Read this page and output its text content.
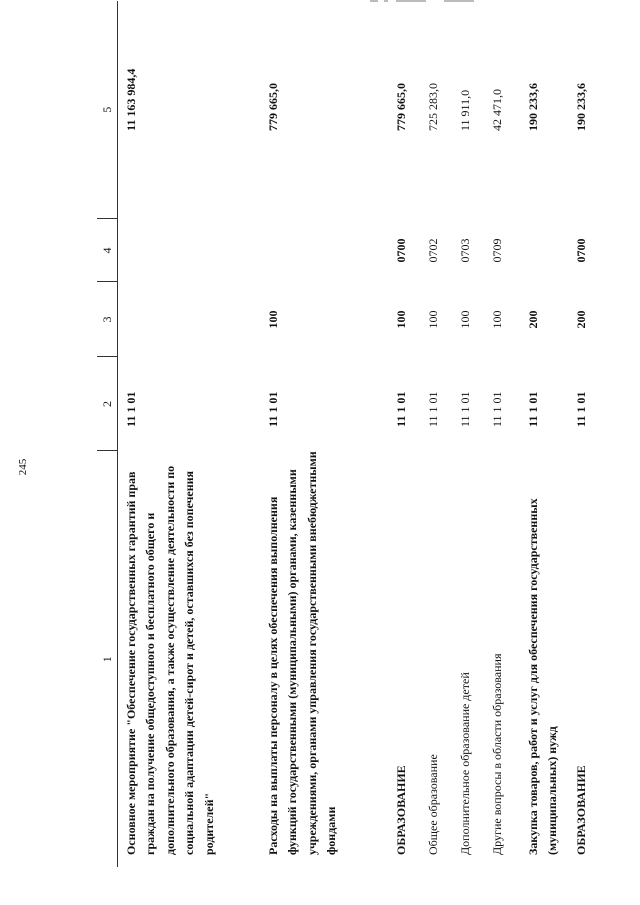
245
1	2	3	4	5
Основное мероприятие "Обеспечение государственных гарантий прав граждан на получение общедоступного и бесплатного общего и дополнительного образования, а также осуществление деятельности по социальной адаптации детей-сирот и детей, оставшихся без попечения родителей"	11 1 01			11 163 984,4
Расходы на выплаты персоналу в целях обеспечения выполнения функций государственными (муниципальными) органами, казенными учреждениями, органами управления государственными внебюджетными фондами	11 1 01	100		779 665,0
ОБРАЗОВАНИЕ	11 1 01	100	0700	779 665,0
Общее образование	11 1 01	100	0702	725 283,0
Дополнительное образование детей	11 1 01	100	0703	11 911,0
Другие вопросы в области образования	11 1 01	100	0709	42 471,0
Закупка товаров, работ и услуг для обеспечения государственных (муниципальных) нужд	11 1 01	200		190 233,6
ОБРАЗОВАНИЕ	11 1 01	200	0700	190 233,6
